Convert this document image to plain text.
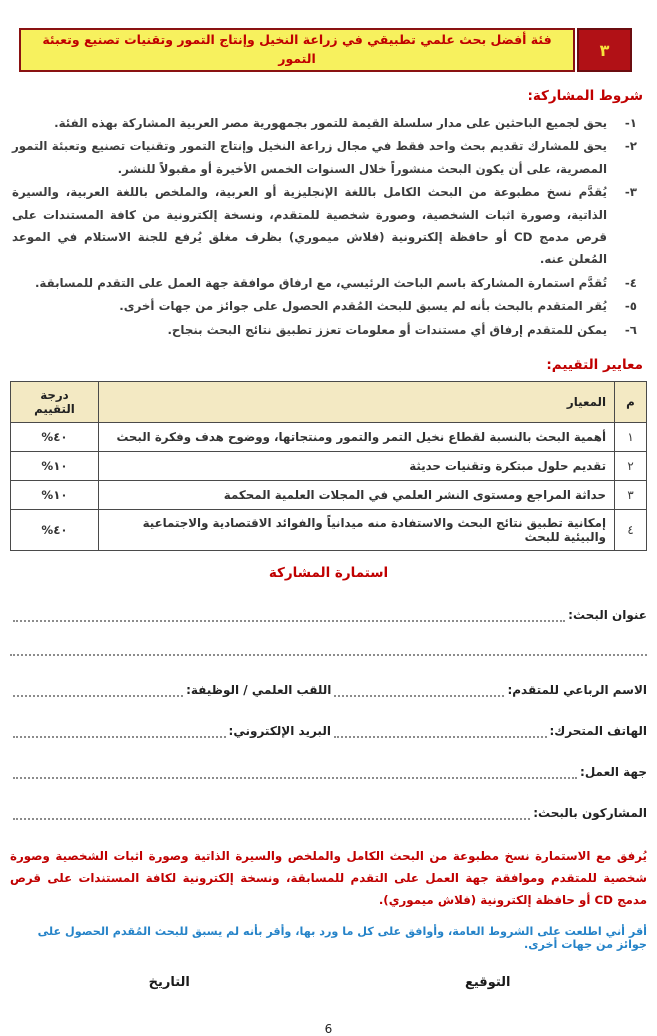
٣
فئة أفضل بحث علمي تطبيقي في زراعة النخيل وإنتاج التمور وتقنيات تصنيع وتعبئة التمور
شروط المشاركة:
١-
يحق لجميع الباحثين على مدار سلسلة القيمة للتمور بجمهورية مصر العربية المشاركة بهذه الفئة.
٢-
يحق للمشارك تقديم بحث واحد فقط في مجال زراعة النخيل وإنتاج التمور وتقنيات تصنيع وتعبئة التمور المصرية، على أن يكون البحث منشوراً خلال السنوات الخمس الأخيرة أو مقبولاً للنشر.
٣-
يُقدَّم نسخ مطبوعة من البحث الكامل باللغة الإنجليزية أو العربية، والملخص باللغة العربية، والسيرة الذاتية، وصورة اثبات الشخصية، وصورة شخصية للمتقدم، ونسخة إلكترونية من كافة المستندات على قرص مدمج CD أو حافظة إلكترونية (فلاش ميموري) بظرف مغلق يُرفع للجنة الاستلام في الموعد المُعلن عنه.
٤-
تُقدَّم استمارة المشاركة باسم الباحث الرئيسي، مع ارفاق موافقة جهة العمل على التقدم للمسابقة.
٥-
يُقر المتقدم بالبحث بأنه لم يسبق للبحث المُقدم الحصول على جوائز من جهات أخرى.
٦-
يمكن للمتقدم إرفاق أي مستندات أو معلومات تعزز تطبيق نتائج البحث بنجاح.
معايير التقييم:
م	المعيار	درجة التقييم
١	أهمية البحث بالنسبة لقطاع نخيل التمر والتمور ومنتجاتها، ووضوح هدف وفكرة البحث	٤٠%
٢	تقديم حلول مبتكرة وتقنيات حديثة	١٠%
٣	حداثة المراجع ومستوى النشر العلمي في المجلات العلمية المحكمة	١٠%
٤	إمكانية تطبيق نتائج البحث والاستفادة منه ميدانياً والفوائد الاقتصادية والاجتماعية والبيئية للبحث	٤٠%
استمارة المشاركة
عنوان البحث:
الاسم الرباعي للمتقدم:
اللقب العلمي / الوظيفة:
الهاتف المتحرك:
البريد الإلكتروني:
جهة العمل:
المشاركون بالبحث:

يُرفق مع الاستمارة نسخ مطبوعة من البحث الكامل والملخص والسيرة الذاتية وصورة اثبات الشخصية وصورة شخصية للمتقدم وموافقة جهة العمل على التقدم للمسابقة، ونسخة إلكترونية لكافة المستندات على قرص مدمج CD أو حافظة إلكترونية (فلاش ميموري).

أقر أني اطلعت على الشروط العامة، وأوافق على كل ما ورد بها، وأقر بأنه لم يسبق للبحث المُقدم الحصول على جوائز من جهات أخرى.

التوقيع
التاريخ
6
